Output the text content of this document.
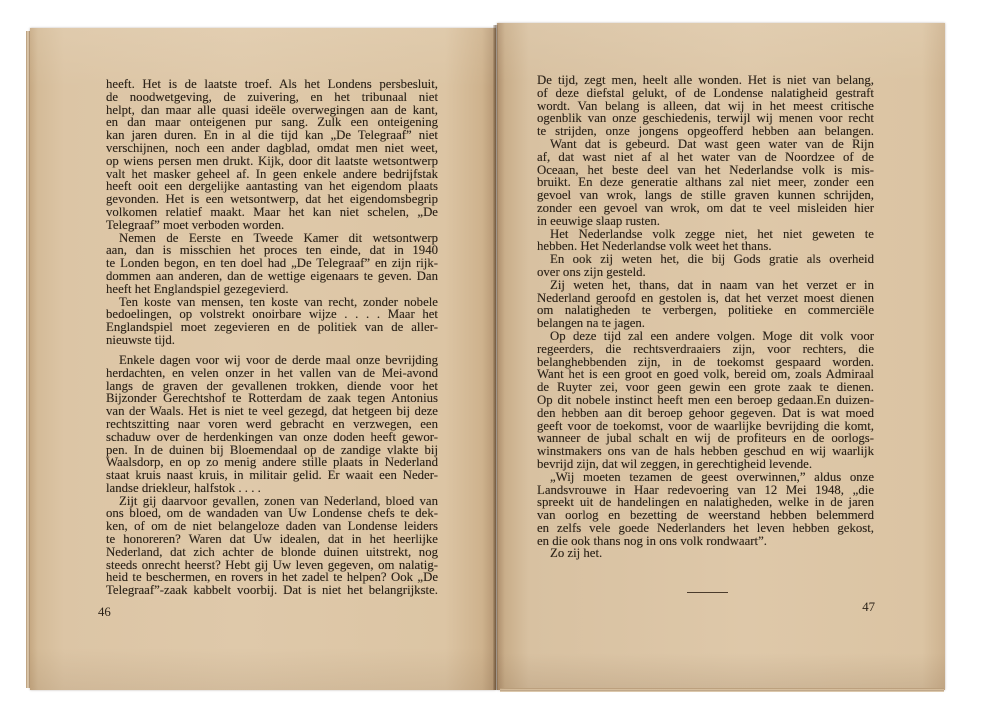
heeft. Het is de laatste troef. Als het Londens persbesluit,
de noodwetgeving, de zuivering, en het tribunaal niet
helpt, dan maar alle quasi ideële overwegingen aan de kant,
en dan maar onteigenen pur sang. Zulk een onteigening
kan jaren duren. En in al die tijd kan „De Telegraaf” niet
verschijnen, noch een ander dagblad, omdat men niet weet,
op wiens persen men drukt. Kijk, door dit laatste wetsontwerp
valt het masker geheel af. In geen enkele andere bedrijfstak
heeft ooit een dergelijke aantasting van het eigendom plaats
gevonden. Het is een wetsontwerp, dat het eigendomsbegrip
volkomen relatief maakt. Maar het kan niet schelen, „De
Telegraaf” moet verboden worden.
Nemen de Eerste en Tweede Kamer dit wetsontwerp
aan, dan is misschien het proces ten einde, dat in 1940
te Londen begon, en ten doel had „De Telegraaf” en zijn rijk-
dommen aan anderen, dan de wettige eigenaars te geven. Dan
heeft het Englandspiel gezegevierd.
Ten koste van mensen, ten koste van recht, zonder nobele
bedoelingen, op volstrekt onoirbare wijze . . . . Maar het
Englandspiel moet zegevieren en de politiek van de aller-
nieuwste tijd.
Enkele dagen voor wij voor de derde maal onze bevrijding
herdachten, en velen onzer in het vallen van de Mei-avond
langs de graven der gevallenen trokken, diende voor het
Bijzonder Gerechtshof te Rotterdam de zaak tegen Antonius
van der Waals. Het is niet te veel gezegd, dat hetgeen bij deze
rechtszitting naar voren werd gebracht en verzwegen, een
schaduw over de herdenkingen van onze doden heeft gewor-
pen. In de duinen bij Bloemendaal op de zandige vlakte bij
Waalsdorp, en op zo menig andere stille plaats in Nederland
staat kruis naast kruis, in militair gelid. Er waait een Neder-
landse driekleur, halfstok . . . .
Zijt gij daarvoor gevallen, zonen van Nederland, bloed van
ons bloed, om de wandaden van Uw Londense chefs te dek-
ken, of om de niet belangeloze daden van Londense leiders
te honoreren? Waren dat Uw idealen, dat in het heerlijke
Nederland, dat zich achter de blonde duinen uitstrekt, nog
steeds onrecht heerst? Hebt gij Uw leven gegeven, om nalatig-
heid te beschermen, en rovers in het zadel te helpen? Ook „De
Telegraaf”-zaak kabbelt voorbij. Dat is niet het belangrijkste.
46
De tijd, zegt men, heelt alle wonden. Het is niet van belang,
of deze diefstal gelukt, of de Londense nalatigheid gestraft
wordt. Van belang is alleen, dat wij in het meest critische
ogenblik van onze geschiedenis, terwijl wij menen voor recht
te strijden, onze jongens opgeofferd hebben aan belangen.
Want dat is gebeurd. Dat wast geen water van de Rijn
af, dat wast niet af al het water van de Noordzee of de
Oceaan, het beste deel van het Nederlandse volk is mis-
bruikt. En deze generatie althans zal niet meer, zonder een
gevoel van wrok, langs de stille graven kunnen schrijden,
zonder een gevoel van wrok, om dat te veel misleiden hier
in eeuwige slaap rusten.
Het Nederlandse volk zegge niet, het niet geweten te
hebben. Het Nederlandse volk weet het thans.
En ook zij weten het, die bij Gods gratie als overheid
over ons zijn gesteld.
Zij weten het, thans, dat in naam van het verzet er in
Nederland geroofd en gestolen is, dat het verzet moest dienen
om nalatigheden te verbergen, politieke en commerciële
belangen na te jagen.
Op deze tijd zal een andere volgen. Moge dit volk voor
regeerders, die rechtsverdraaiers zijn, voor rechters, die
belanghebbenden zijn, in de toekomst gespaard worden.
Want het is een groot en goed volk, bereid om, zoals Admiraal
de Ruyter zei, voor geen gewin een grote zaak te dienen.
Op dit nobele instinct heeft men een beroep gedaan.En duizen-
den hebben aan dit beroep gehoor gegeven. Dat is wat moed
geeft voor de toekomst, voor de waarlijke bevrijding die komt,
wanneer de jubal schalt en wij de profiteurs en de oorlogs-
winstmakers ons van de hals hebben geschud en wij waarlijk
bevrijd zijn, dat wil zeggen, in gerechtigheid levende.
„Wij moeten tezamen de geest overwinnen,” aldus onze
Landsvrouwe in Haar redevoering van 12 Mei 1948, „die
spreekt uit de handelingen en nalatigheden, welke in de jaren
van oorlog en bezetting de weerstand hebben belemmerd
en zelfs vele goede Nederlanders het leven hebben gekost,
en die ook thans nog in ons volk rondwaart”.
Zo zij het.
47
